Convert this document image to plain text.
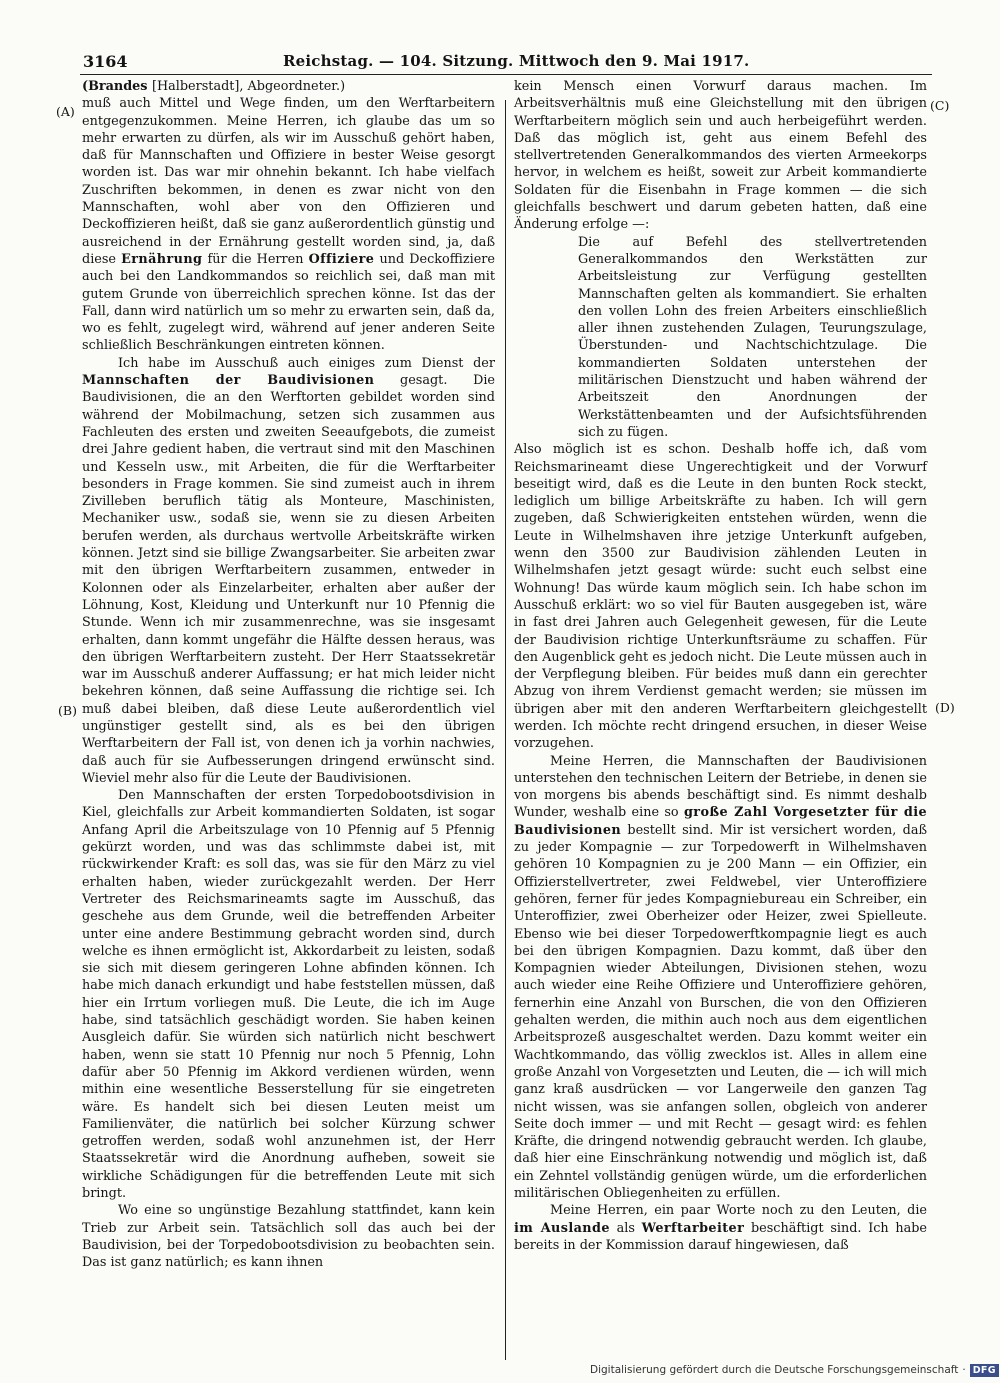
3164	Reichstag. — 104. Sitzung. Mittwoch den 9. Mai 1917.
(A)
(B)
(C)
(D)

(Brandes [Halberstadt], Abgeordneter.)

muß auch Mittel und Wege finden, um den Werftarbeitern entgegenzukommen. Meine Herren, ich glaube das um so mehr erwarten zu dürfen, als wir im Ausschuß gehört haben, daß für Mannschaften und Offiziere in bester Weise gesorgt worden ist. Das war mir ohnehin bekannt. Ich habe vielfach Zuschriften bekommen, in denen es zwar nicht von den Mannschaften, wohl aber von den Offizieren und Deckoffizieren heißt, daß sie ganz außerordentlich günstig und ausreichend in der Ernährung gestellt worden sind, ja, daß diese Ernährung für die Herren Offiziere und Deckoffiziere auch bei den Landkommandos so reichlich sei, daß man mit gutem Grunde von überreichlich sprechen könne. Ist das der Fall, dann wird natürlich um so mehr zu erwarten sein, daß da, wo es fehlt, zugelegt wird, während auf jener anderen Seite schließlich Beschränkungen eintreten können.

Ich habe im Ausschuß auch einiges zum Dienst der Mannschaften der Baudivisionen gesagt. Die Baudivisionen, die an den Werftorten gebildet worden sind während der Mobilmachung, setzen sich zusammen aus Fachleuten des ersten und zweiten Seeaufgebots, die zumeist drei Jahre gedient haben, die vertraut sind mit den Maschinen und Kesseln usw., mit Arbeiten, die für die Werftarbeiter besonders in Frage kommen. Sie sind zumeist auch in ihrem Zivilleben beruflich tätig als Monteure, Maschinisten, Mechaniker usw., sodaß sie, wenn sie zu diesen Arbeiten berufen werden, als durchaus wertvolle Arbeitskräfte wirken können. Jetzt sind sie billige Zwangsarbeiter. Sie arbeiten zwar mit den übrigen Werftarbeitern zusammen, entweder in Kolonnen oder als Einzelarbeiter, erhalten aber außer der Löhnung, Kost, Kleidung und Unterkunft nur 10 Pfennig die Stunde. Wenn ich mir zusammenrechne, was sie insgesamt erhalten, dann kommt ungefähr die Hälfte dessen heraus, was den übrigen Werftarbeitern zusteht. Der Herr Staatssekretär war im Ausschuß anderer Auffassung; er hat mich leider nicht bekehren können, daß seine Auffassung die richtige sei. Ich muß dabei bleiben, daß diese Leute außerordentlich viel ungünstiger gestellt sind, als es bei den übrigen Werftarbeitern der Fall ist, von denen ich ja vorhin nachwies, daß auch für sie Aufbesserungen dringend erwünscht sind. Wieviel mehr also für die Leute der Baudivisionen.

Den Mannschaften der ersten Torpedobootsdivision in Kiel, gleichfalls zur Arbeit kommandierten Soldaten, ist sogar Anfang April die Arbeitszulage von 10 Pfennig auf 5 Pfennig gekürzt worden, und was das schlimmste dabei ist, mit rückwirkender Kraft: es soll das, was sie für den März zu viel erhalten haben, wieder zurückgezahlt werden. Der Herr Vertreter des Reichsmarineamts sagte im Ausschuß, das geschehe aus dem Grunde, weil die betreffenden Arbeiter unter eine andere Bestimmung gebracht worden sind, durch welche es ihnen ermöglicht ist, Akkordarbeit zu leisten, sodaß sie sich mit diesem geringeren Lohne abfinden können. Ich habe mich danach erkundigt und habe feststellen müssen, daß hier ein Irrtum vorliegen muß. Die Leute, die ich im Auge habe, sind tatsächlich geschädigt worden. Sie haben keinen Ausgleich dafür. Sie würden sich natürlich nicht beschwert haben, wenn sie statt 10 Pfennig nur noch 5 Pfennig, Lohn dafür aber 50 Pfennig im Akkord verdienen würden, wenn mithin eine wesentliche Besserstellung für sie eingetreten wäre. Es handelt sich bei diesen Leuten meist um Familienväter, die natürlich bei solcher Kürzung schwer getroffen werden, sodaß wohl anzunehmen ist, der Herr Staatssekretär wird die Anordnung aufheben, soweit sie wirkliche Schädigungen für die betreffenden Leute mit sich bringt.

Wo eine so ungünstige Bezahlung stattfindet, kann kein Trieb zur Arbeit sein. Tatsächlich soll das auch bei der Baudivision, bei der Torpedobootsdivision zu beobachten sein. Das ist ganz natürlich; es kann ihnen

kein Mensch einen Vorwurf daraus machen. Im Arbeitsverhältnis muß eine Gleichstellung mit den übrigen Werftarbeitern möglich sein und auch herbeigeführt werden. Daß das möglich ist, geht aus einem Befehl des stellvertretenden Generalkommandos des vierten Armeekorps hervor, in welchem es heißt, soweit zur Arbeit kommandierte Soldaten für die Eisenbahn in Frage kommen — die sich gleichfalls beschwert und darum gebeten hatten, daß eine Änderung erfolge —:

Die auf Befehl des stellvertretenden Generalkommandos den Werkstätten zur Arbeitsleistung zur Verfügung gestellten Mannschaften gelten als kommandiert. Sie erhalten den vollen Lohn des freien Arbeiters einschließlich aller ihnen zustehenden Zulagen, Teurungszulage, Überstunden- und Nachtschichtzulage. Die kommandierten Soldaten unterstehen der militärischen Dienstzucht und haben während der Arbeitszeit den Anordnungen der Werkstättenbeamten und der Aufsichtsführenden sich zu fügen.

Also möglich ist es schon. Deshalb hoffe ich, daß vom Reichsmarineamt diese Ungerechtigkeit und der Vorwurf beseitigt wird, daß es die Leute in den bunten Rock steckt, lediglich um billige Arbeitskräfte zu haben. Ich will gern zugeben, daß Schwierigkeiten entstehen würden, wenn die Leute in Wilhelmshaven ihre jetzige Unterkunft aufgeben, wenn den 3500 zur Baudivision zählenden Leuten in Wilhelmshafen jetzt gesagt würde: sucht euch selbst eine Wohnung! Das würde kaum möglich sein. Ich habe schon im Ausschuß erklärt: wo so viel für Bauten ausgegeben ist, wäre in fast drei Jahren auch Gelegenheit gewesen, für die Leute der Baudivision richtige Unterkunftsräume zu schaffen. Für den Augenblick geht es jedoch nicht. Die Leute müssen auch in der Verpflegung bleiben. Für beides muß dann ein gerechter Abzug von ihrem Verdienst gemacht werden; sie müssen im übrigen aber mit den anderen Werftarbeitern gleichgestellt werden. Ich möchte recht dringend ersuchen, in dieser Weise vorzugehen.

Meine Herren, die Mannschaften der Baudivisionen unterstehen den technischen Leitern der Betriebe, in denen sie von morgens bis abends beschäftigt sind. Es nimmt deshalb Wunder, weshalb eine so große Zahl Vorgesetzter für die Baudivisionen bestellt sind. Mir ist versichert worden, daß zu jeder Kompagnie — zur Torpedowerft in Wilhelmshaven gehören 10 Kompagnien zu je 200 Mann — ein Offizier, ein Offizierstellvertreter, zwei Feldwebel, vier Unteroffiziere gehören, ferner für jedes Kompagniebureau ein Schreiber, ein Unteroffizier, zwei Oberheizer oder Heizer, zwei Spielleute. Ebenso wie bei dieser Torpedowerftkompagnie liegt es auch bei den übrigen Kompagnien. Dazu kommt, daß über den Kompagnien wieder Abteilungen, Divisionen stehen, wozu auch wieder eine Reihe Offiziere und Unteroffiziere gehören, fernerhin eine Anzahl von Burschen, die von den Offizieren gehalten werden, die mithin auch noch aus dem eigentlichen Arbeitsprozeß ausgeschaltet werden. Dazu kommt weiter ein Wachtkommando, das völlig zwecklos ist. Alles in allem eine große Anzahl von Vorgesetzten und Leuten, die — ich will mich ganz kraß ausdrücken — vor Langerweile den ganzen Tag nicht wissen, was sie anfangen sollen, obgleich von anderer Seite doch immer — und mit Recht — gesagt wird: es fehlen Kräfte, die dringend notwendig gebraucht werden. Ich glaube, daß hier eine Einschränkung notwendig und möglich ist, daß ein Zehntel vollständig genügen würde, um die erforderlichen militärischen Obliegenheiten zu erfüllen.

Meine Herren, ein paar Worte noch zu den Leuten, die im Auslande als Werftarbeiter beschäftigt sind. Ich habe bereits in der Kommission darauf hingewiesen, daß

Digitalisierung gefördert durch die Deutsche Forschungsgemeinschaft · DFG
